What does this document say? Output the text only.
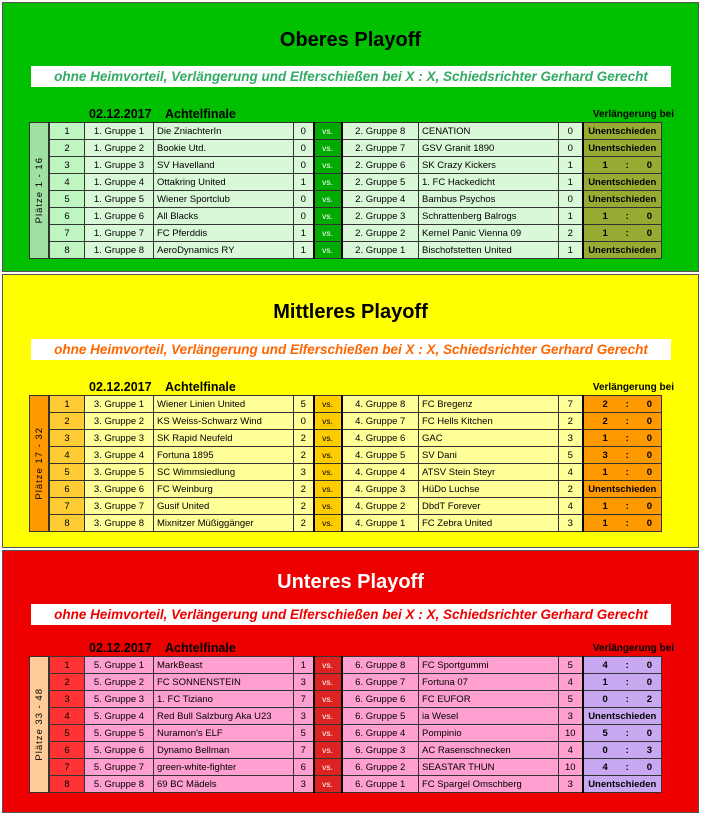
Oberes Playoff
ohne Heimvorteil, Verlängerung und Elferschießen bei X : X, Schiedsrichter Gerhard Gerecht
02.12.2017 Achtelfinale	Verlängerung bei
Plätze 1 - 16
1	1. Gruppe 1	Die ZniachterIn	0	vs.	2. Gruppe 8	CENATION	0	Unentschieden
2	1. Gruppe 2	Bookie Utd.	0	vs.	2. Gruppe 7	GSV Granit 1890	0	Unentschieden
3	1. Gruppe 3	SV Havelland	0	vs.	2. Gruppe 6	SK Crazy Kickers	1	1 : 0

4	1. Gruppe 4	Ottakring United	1	vs.	2. Gruppe 5	1. FC Hackedicht	1	Unentschieden
5	1. Gruppe 5	Wiener Sportclub	0	vs.	2. Gruppe 4	Bambus Psychos	0	Unentschieden
6	1. Gruppe 6	All Blacks	0	vs.	2. Gruppe 3	Schrattenberg Balrogs	1	1 : 0

7	1. Gruppe 7	FC Pferddis	1	vs.	2. Gruppe 2	Kernel Panic Vienna 09	2	1 : 0

8	1. Gruppe 8	AeroDynamics RY	1	vs.	2. Gruppe 1	Bischofstetten United	1	Unentschieden
Mittleres Playoff
ohne Heimvorteil, Verlängerung und Elferschießen bei X : X, Schiedsrichter Gerhard Gerecht
02.12.2017 Achtelfinale	Verlängerung bei
Plätze 17 - 32
1	3. Gruppe 1	Wiener Linien United	5	vs.	4. Gruppe 8	FC Bregenz	7	2 : 0

2	3. Gruppe 2	KS Weiss-Schwarz Wind	0	vs.	4. Gruppe 7	FC Hells Kitchen	2	2 : 0

3	3. Gruppe 3	SK Rapid Neufeld	2	vs.	4. Gruppe 6	GAC	3	1 : 0

4	3. Gruppe 4	Fortuna 1895	2	vs.	4. Gruppe 5	SV Dani	5	3 : 0

5	3. Gruppe 5	SC Wimmsiedlung	3	vs.	4. Gruppe 4	ATSV Stein Steyr	4	1 : 0

6	3. Gruppe 6	FC Weinburg	2	vs.	4. Gruppe 3	HüDo Luchse	2	Unentschieden
7	3. Gruppe 7	Gusif United	2	vs.	4. Gruppe 2	DbdT Forever	4	1 : 0

8	3. Gruppe 8	Mixnitzer Müßiggänger	2	vs.	4. Gruppe 1	FC Zebra United	3	1 : 0
Unteres Playoff
ohne Heimvorteil, Verlängerung und Elferschießen bei X : X, Schiedsrichter Gerhard Gerecht
02.12.2017 Achtelfinale	Verlängerung bei
Plätze 33 - 48
1	5. Gruppe 1	MarkBeast	1	vs.	6. Gruppe 8	FC Sportgummi	5	4 : 0

2	5. Gruppe 2	FC SONNENSTEIN	3	vs.	6. Gruppe 7	Fortuna 07	4	1 : 0

3	5. Gruppe 3	1. FC Tiziano	7	vs.	6. Gruppe 6	FC EUFOR	5	0 : 2

4	5. Gruppe 4	Red Bull Salzburg Aka U23	3	vs.	6. Gruppe 5	ia Wesel	3	Unentschieden
5	5. Gruppe 5	Nuramon's ELF	5	vs.	6. Gruppe 4	Pompinio	10	5 : 0

6	5. Gruppe 6	Dynamo Bellman	7	vs.	6. Gruppe 3	AC Rasenschnecken	4	0 : 3

7	5. Gruppe 7	green-white-fighter	6	vs.	6. Gruppe 2	SEASTAR THUN	10	4 : 0

8	5. Gruppe 8	69 BC Mädels	3	vs.	6. Gruppe 1	FC Spargel Omschberg	3	Unentschieden
